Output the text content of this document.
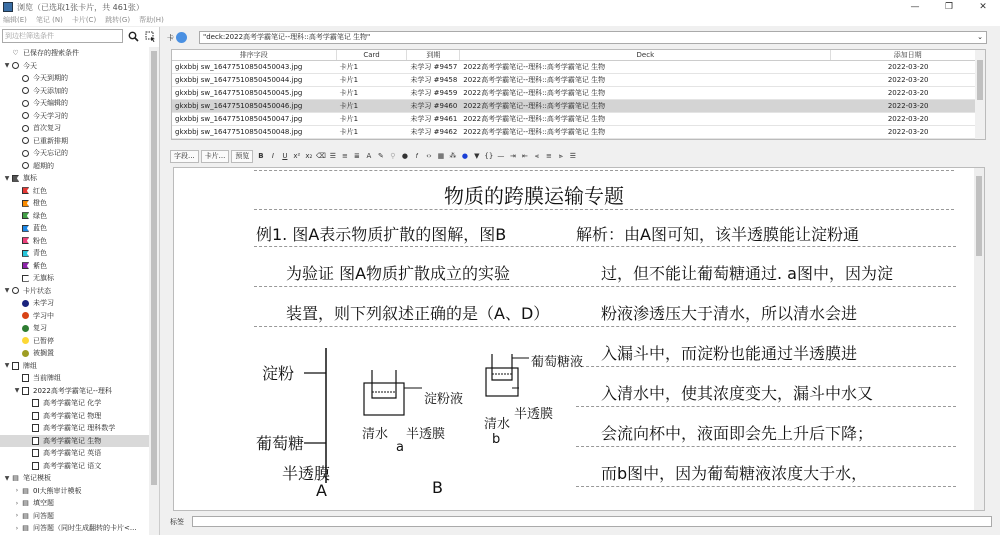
浏览（已选取1张卡片，共 461张）	—	❐	✕
编辑(E) 笔记 (N) 卡片(C) 跳转(G) 帮助(H)
到边栏筛选条件
♡ 已保存的搜索条件
▼ 今天
今天到期的
今天添加的
今天编辑的
今天学习的
首次复习
已重新排期
今天忘记的
超期的
▼ 旗标
红色
橙色
绿色
蓝色
粉色
青色
紫色
无旗标
▼ 卡片状态
未学习
学习中
复习
已暂停
被搁置
▼ 牌组
当前牌组
▼ 2022高考学霸笔记--理科
高考学霸笔记 化学
高考学霸笔记 物理
高考学霸笔记 理科数学
高考学霸笔记 生物
高考学霸笔记 英语
高考学霸笔记 语文
▼ ▤ 笔记模板
› ▤ 0I大熊审计模板
› ▤ 填空题
› ▤ 问答题
› ▤ 问答题（同时生成翻转的卡片<...
卡	"deck:2022高考学霸笔记--理科::高考学霸笔记 生物"	⌄
排序字段	Card	到期	Deck	添加日期
gkxbbj sw_16477510850450043.jpg	卡片1	未学习 #9457 2022高考学霸笔记--理科::高考学霸笔记 生物	2022-03-20
gkxbbj sw_16477510850450044.jpg	卡片1	未学习 #9458 2022高考学霸笔记--理科::高考学霸笔记 生物	2022-03-20
gkxbbj sw_16477510850450045.jpg	卡片1	未学习 #9459 2022高考学霸笔记--理科::高考学霸笔记 生物	2022-03-20
gkxbbj sw_16477510850450046.jpg	卡片1	未学习 #9460 2022高考学霸笔记--理科::高考学霸笔记 生物	2022-03-20
gkxbbj sw_16477510850450047.jpg	卡片1	未学习 #9461 2022高考学霸笔记--理科::高考学霸笔记 生物	2022-03-20
gkxbbj sw_16477510850450048.jpg	卡片1	未学习 #9462 2022高考学霸笔记--理科::高考学霸笔记 生物	2022-03-20
字段...	卡片...	预览	B	I	U x² x₂ ⌫ ☰ ≡ ≣ A ✎ ⚲ ●	𝑓	‹› ▦ ⁂ ● ▼ {} — ⇥ ⇤	⫷	≡	⫸ ☰
物质的跨膜运输专题
例1. 图A表示物质扩散的图解，图B
为验证 图A物质扩散成立的实验
装置，则下列叙述正确的是（A、D）
解析：由A图可知，该半透膜能让淀粉通
过，但不能让葡萄糖通过. a图中，因为淀
粉液渗透压大于清水，所以清水会进
入漏斗中，而淀粉也能通过半透膜进
入清水中，使其浓度变大，漏斗中水又
会流向杯中，液面即会先上升后下降；
而b图中，因为葡萄糖液浓度大于水，
淀粉
葡萄糖
半透膜
A	B
淀粉液
葡萄糖液
清水
a
半透膜
清水
b
半透膜
标签
